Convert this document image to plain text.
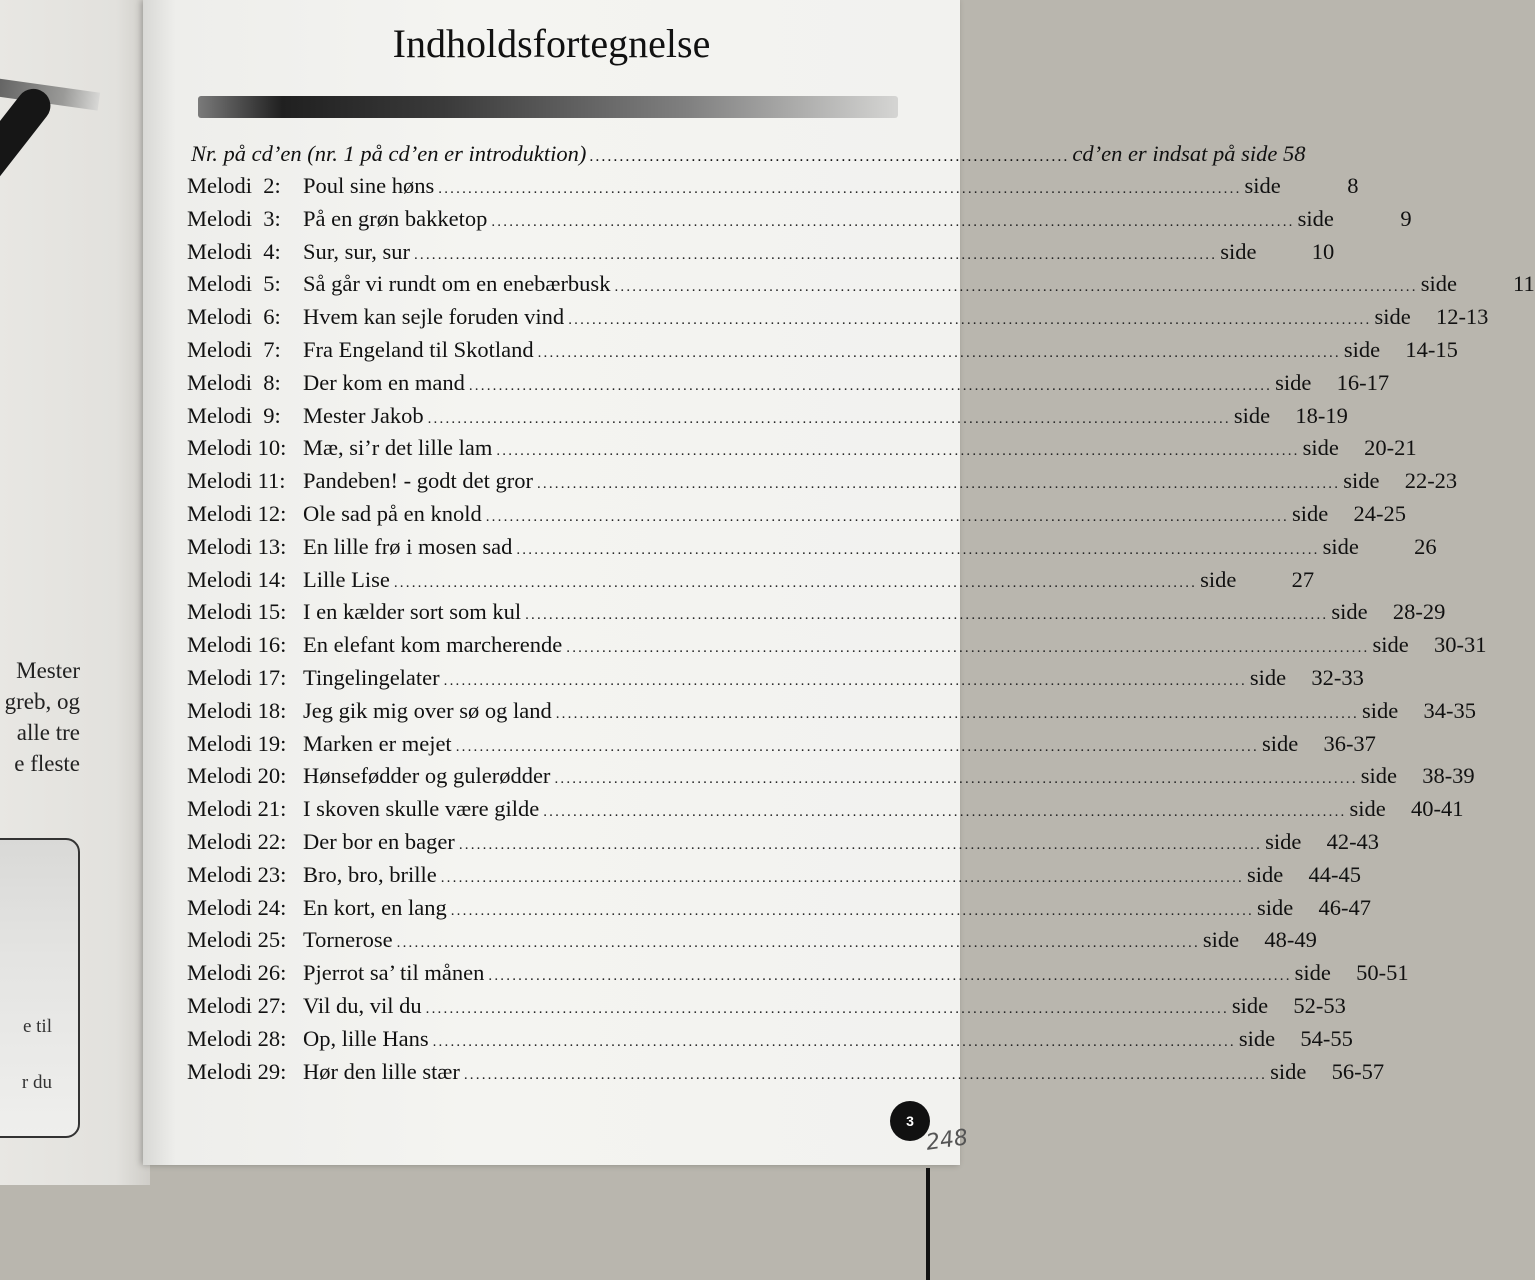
Mester
greb, og
alle tre
e fleste
e til
r du
Indholdsfortegnelse
Nr. på cd’en (nr. 1 på cd’en er introduktion) .....	cd’en er indsat på side 58
Melodi  2: Poul sine høns .....	side	8
Melodi  3: På en grøn bakketop .....	side	9
Melodi  4: Sur, sur, sur .....	side	10
Melodi  5: Så går vi rundt om en enebærbusk .....	side	11
Melodi  6: Hvem kan sejle foruden vind .....	side	12-13
Melodi  7: Fra Engeland til Skotland .....	side	14-15
Melodi  8: Der kom en mand .....	side	16-17
Melodi  9: Mester Jakob .....	side	18-19
Melodi 10: Mæ, si’r det lille lam .....	side	20-21
Melodi 11: Pandeben! - godt det gror .....	side	22-23
Melodi 12: Ole sad på en knold .....	side	24-25
Melodi 13: En lille frø i mosen sad .....	side	26
Melodi 14: Lille Lise .....	side	27
Melodi 15: I en kælder sort som kul .....	side	28-29
Melodi 16: En elefant kom marcherende .....	side	30-31
Melodi 17: Tingelingelater .....	side	32-33
Melodi 18: Jeg gik mig over sø og land .....	side	34-35
Melodi 19: Marken er mejet .....	side	36-37
Melodi 20: Hønsefødder og gulerødder .....	side	38-39
Melodi 21: I skoven skulle være gilde .....	side	40-41
Melodi 22: Der bor en bager .....	side	42-43
Melodi 23: Bro, bro, brille .....	side	44-45
Melodi 24: En kort, en lang .....	side	46-47
Melodi 25: Tornerose .....	side	48-49
Melodi 26: Pjerrot sa’ til månen .....	side	50-51
Melodi 27: Vil du, vil du .....	side	52-53
Melodi 28: Op, lille Hans .....	side	54-55
Melodi 29: Hør den lille stær .....	side	56-57
3
248
